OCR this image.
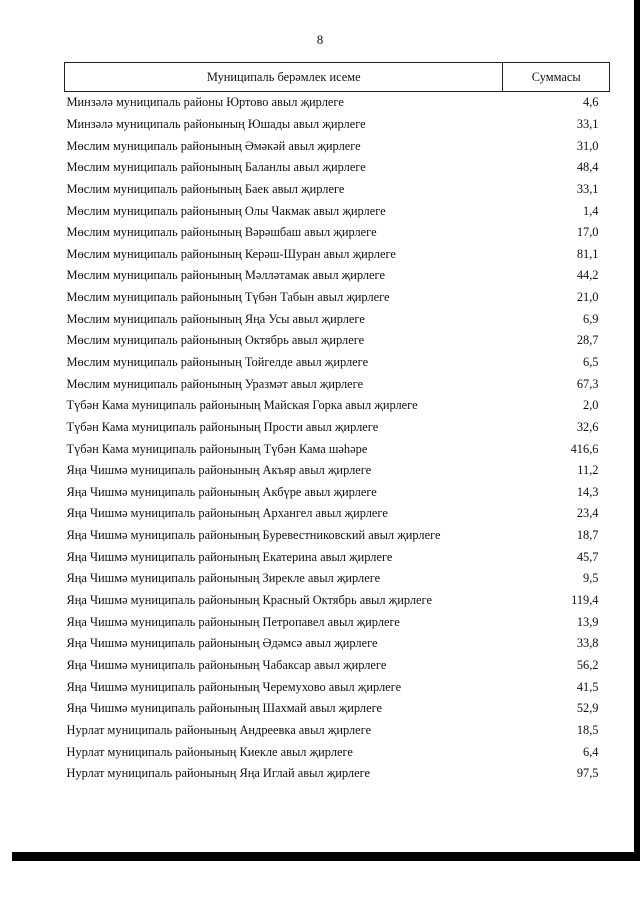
8
Муниципаль берәмлек исеме	Суммасы
Минзәлә муниципаль районы Юртово авыл җирлеге	4,6
Минзәлә муниципаль районының Юшады авыл җирлеге	33,1
Мөслим муниципаль районының Әмәкәй авыл җирлеге	31,0
Мөслим муниципаль районының Баланлы авыл җирлеге	48,4
Мөслим муниципаль районының Баек авыл җирлеге	33,1
Мөслим муниципаль районының Олы Чакмак авыл җирлеге	1,4
Мөслим муниципаль районының Вәрәшбаш авыл җирлеге	17,0
Мөслим муниципаль районының Керәш-Шуран авыл җирлеге	81,1
Мөслим муниципаль районының Мәлләтамак авыл җирлеге	44,2
Мөслим муниципаль районының Түбән Табын авыл җирлеге	21,0
Мөслим муниципаль районының Яңа Усы авыл җирлеге	6,9
Мөслим муниципаль районының Октябрь авыл җирлеге	28,7
Мөслим муниципаль районының Тойгелде авыл җирлеге	6,5
Мөслим муниципаль районының Уразмәт авыл җирлеге	67,3
Түбән Кама муниципаль районының Майская Горка авыл җирлеге	2,0
Түбән Кама муниципаль районының Прости авыл җирлеге	32,6
Түбән Кама муниципаль районының Түбән Кама шәһәре	416,6
Яңа Чишмә муниципаль районының Акъяр авыл җирлеге	11,2
Яңа Чишмә муниципаль районының Акбүре авыл җирлеге	14,3
Яңа Чишмә муниципаль районының Архангел авыл җирлеге	23,4
Яңа Чишмә муниципаль районының Буревестниковский авыл җирлеге	18,7
Яңа Чишмә муниципаль районының Екатерина авыл җирлеге	45,7
Яңа Чишмә муниципаль районының Зирекле авыл җирлеге	9,5
Яңа Чишмә муниципаль районының Красный Октябрь авыл җирлеге	119,4
Яңа Чишмә муниципаль районының Петропавел авыл җирлеге	13,9
Яңа Чишмә муниципаль районының Әдәмсә авыл җирлеге	33,8
Яңа Чишмә муниципаль районының Чабаксар авыл җирлеге	56,2
Яңа Чишмә муниципаль районының Черемухово авыл җирлеге	41,5
Яңа Чишмә муниципаль районының Шахмай авыл җирлеге	52,9
Нурлат муниципаль районының Андреевка авыл җирлеге	18,5
Нурлат муниципаль районының Киекле авыл җирлеге	6,4
Нурлат муниципаль районының Яңа Иглай авыл җирлеге	97,5
